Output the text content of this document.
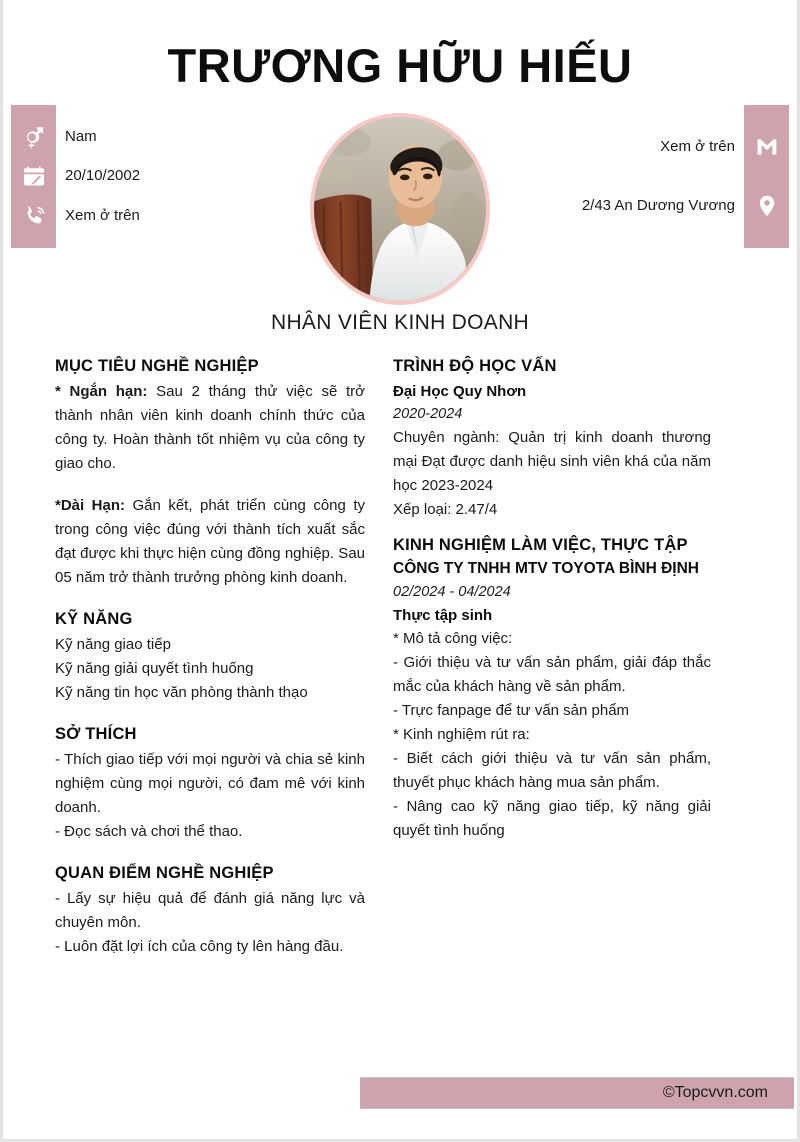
TRƯƠNG HỮU HIẾU
Nam
20/10/2002
Xem ở trên
Xem ở trên
2/43 An Dương Vương
NHÂN VIÊN KINH DOANH
MỤC TIÊU NGHỀ NGHIỆP

* Ngắn hạn: Sau 2 tháng thử việc sẽ trở thành nhân viên kinh doanh chính thức của công ty. Hoàn thành tốt nhiệm vụ của công ty giao cho.

*Dài Hạn: Gắn kết, phát triển cùng công ty trong công việc đúng với thành tích xuất sắc đạt được khi thực hiện cùng đồng nghiệp. Sau 05 năm trở thành trưởng phòng kinh doanh.

KỸ NĂNG

Kỹ năng giao tiếp

Kỹ năng giải quyết tình huống

Kỹ năng tin học văn phòng thành thạo

SỞ THÍCH

- Thích giao tiếp với mọi người và chia sẻ kinh nghiệm cùng mọi người, có đam mê với kinh doanh.

- Đọc sách và chơi thể thao.

QUAN ĐIỂM NGHỀ NGHIỆP

- Lấy sự hiệu quả để đánh giá năng lực và chuyên môn.

- Luôn đặt lợi ích của công ty lên hàng đầu.

TRÌNH ĐỘ HỌC VẤN
Đại Học Quy Nhơn
2020-2024

Chuyên ngành: Quản trị kinh doanh thương mại Đạt được danh hiệu sinh viên khá của năm học 2023-2024

Xếp loại: 2.47/4

KINH NGHIỆM LÀM VIỆC, THỰC TẬP
CÔNG TY TNHH MTV TOYOTA BÌNH ĐỊNH
02/2024 - 04/2024
Thực tập sinh

* Mô tả công việc:

- Giới thiệu và tư vấn sản phẩm, giải đáp thắc mắc của khách hàng về sản phẩm.

- Trực fanpage để tư vấn sản phẩm

* Kinh nghiệm rút ra:

- Biết cách giới thiệu và tư vấn sản phẩm, thuyết phục khách hàng mua sản phẩm.

- Nâng cao kỹ năng giao tiếp, kỹ năng giải quyết tình huống

©Topcvvn.com
